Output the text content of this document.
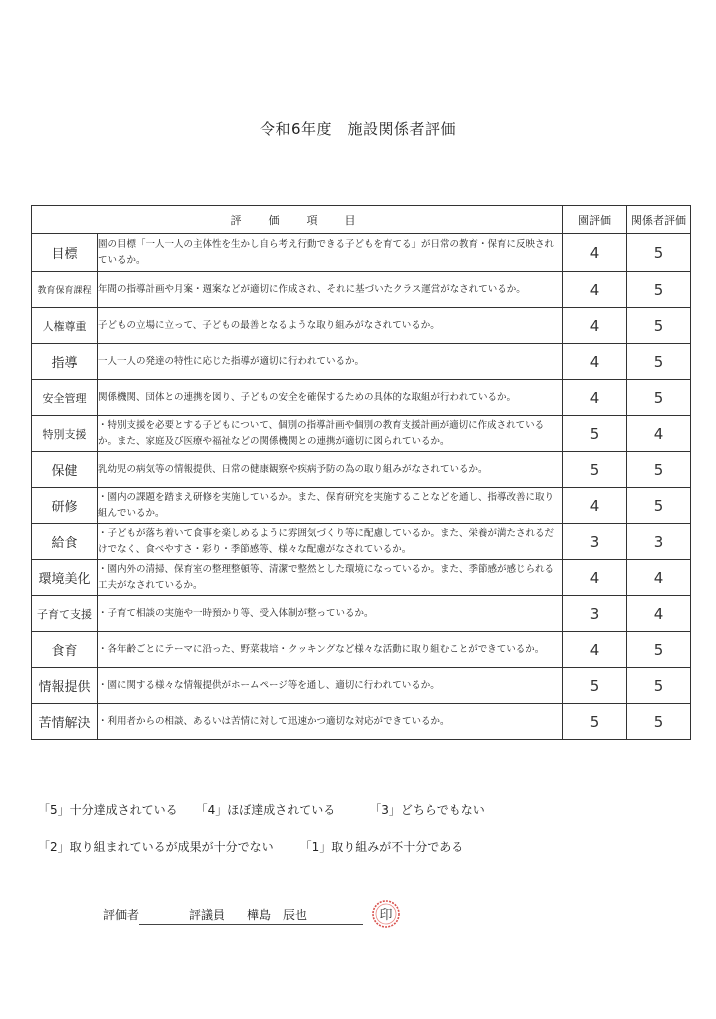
令和6年度　施設関係者評価
評　価　項　目		園評価	関係者評価
目標	園の目標「一人一人の主体性を生かし自ら考え行動できる子どもを育てる」が日常の教育・保育に反映されているか。	4	5
教育保育課程	年間の指導計画や月案・週案などが適切に作成され、それに基づいたクラス運営がなされているか。	4	5
人権尊重	子どもの立場に立って、子どもの最善となるような取り組みがなされているか。	4	5
指導	一人一人の発達の特性に応じた指導が適切に行われているか。	4	5
安全管理	関係機関、団体との連携を図り、子どもの安全を確保するための具体的な取組が行われているか。	4	5
特別支援	・特別支援を必要とする子どもについて、個別の指導計画や個別の教育支援計画が適切に作成されているか。また、家庭及び医療や福祉などの関係機関との連携が適切に図られているか。	5	4
保健	乳幼児の病気等の情報提供、日常の健康観察や疾病予防の為の取り組みがなされているか。	5	5
研修	・園内の課題を踏まえ研修を実施しているか。また、保育研究を実施することなどを通し、指導改善に取り組んでいるか。	4	5
給食	・子どもが落ち着いて食事を楽しめるように雰囲気づくり等に配慮しているか。また、栄養が満たされるだけでなく、食べやすさ・彩り・季節感等、様々な配慮がなされているか。	3	3
環境美化	・園内外の清掃、保育室の整理整頓等、清潔で整然とした環境になっているか。また、季節感が感じられる工夫がなされているか。	4	4
子育て支援	・子育て相談の実施や一時預かり等、受入体制が整っているか。	3	4
食育	・各年齢ごとにテーマに沿った、野菜栽培・クッキングなど様々な活動に取り組むことができているか。	4	5
情報提供	・園に関する様々な情報提供がホームページ等を通し、適切に行われているか。	5	5
苦情解決	・利用者からの相談、あるいは苦情に対して迅速かつ適切な対応ができているか。	5	5
「5」十分達成されている 「4」ほぼ達成されている	「3」どちらでもない
「2」取り組まれているが成果が十分でない 「1」取り組みが不十分である
評価者	評議員 樺島　辰也	印
